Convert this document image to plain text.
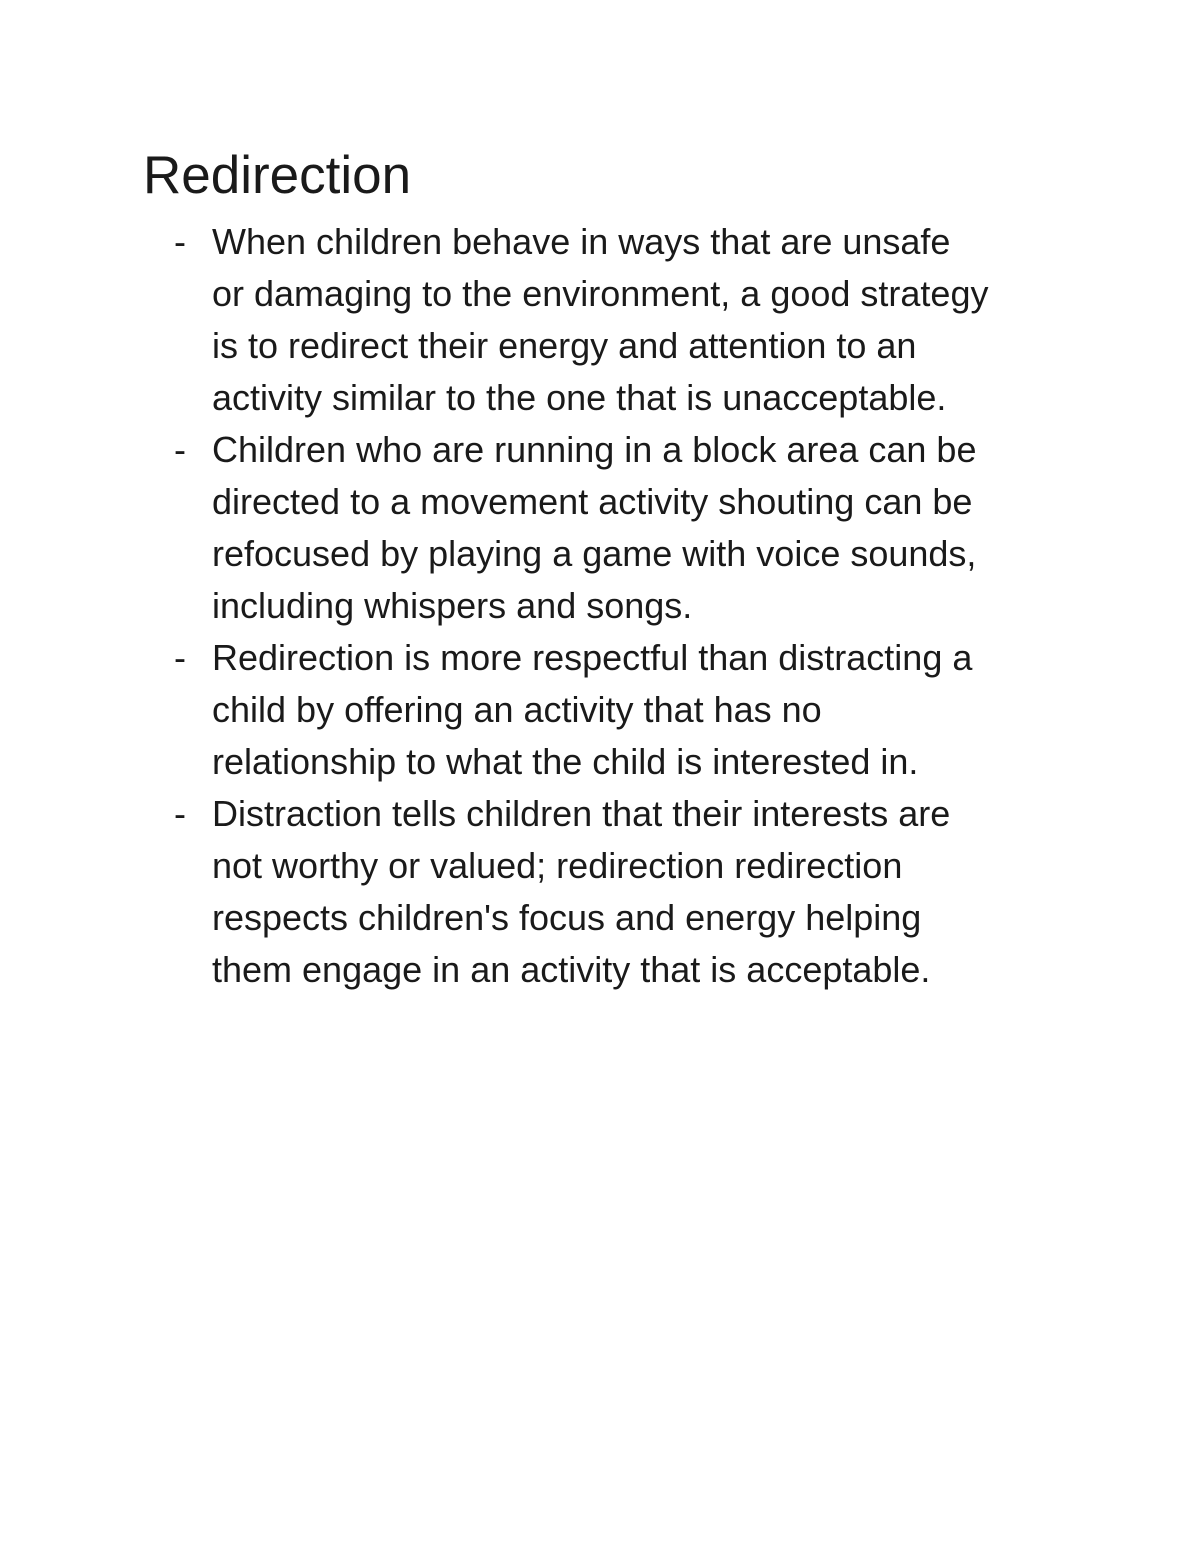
Redirection
- When children behave in ways that are unsafe
or damaging to the environment, a good strategy
is to redirect their energy and attention to an
activity similar to the one that is unacceptable.
- Children who are running in a block area can be
directed to a movement activity shouting can be
refocused by playing a game with voice sounds,
including whispers and songs.
- Redirection is more respectful than distracting a
child by offering an activity that has no
relationship to what the child is interested in.
- Distraction tells children that their interests are
not worthy or valued; redirection redirection
respects children's focus and energy helping
them engage in an activity that is acceptable.
